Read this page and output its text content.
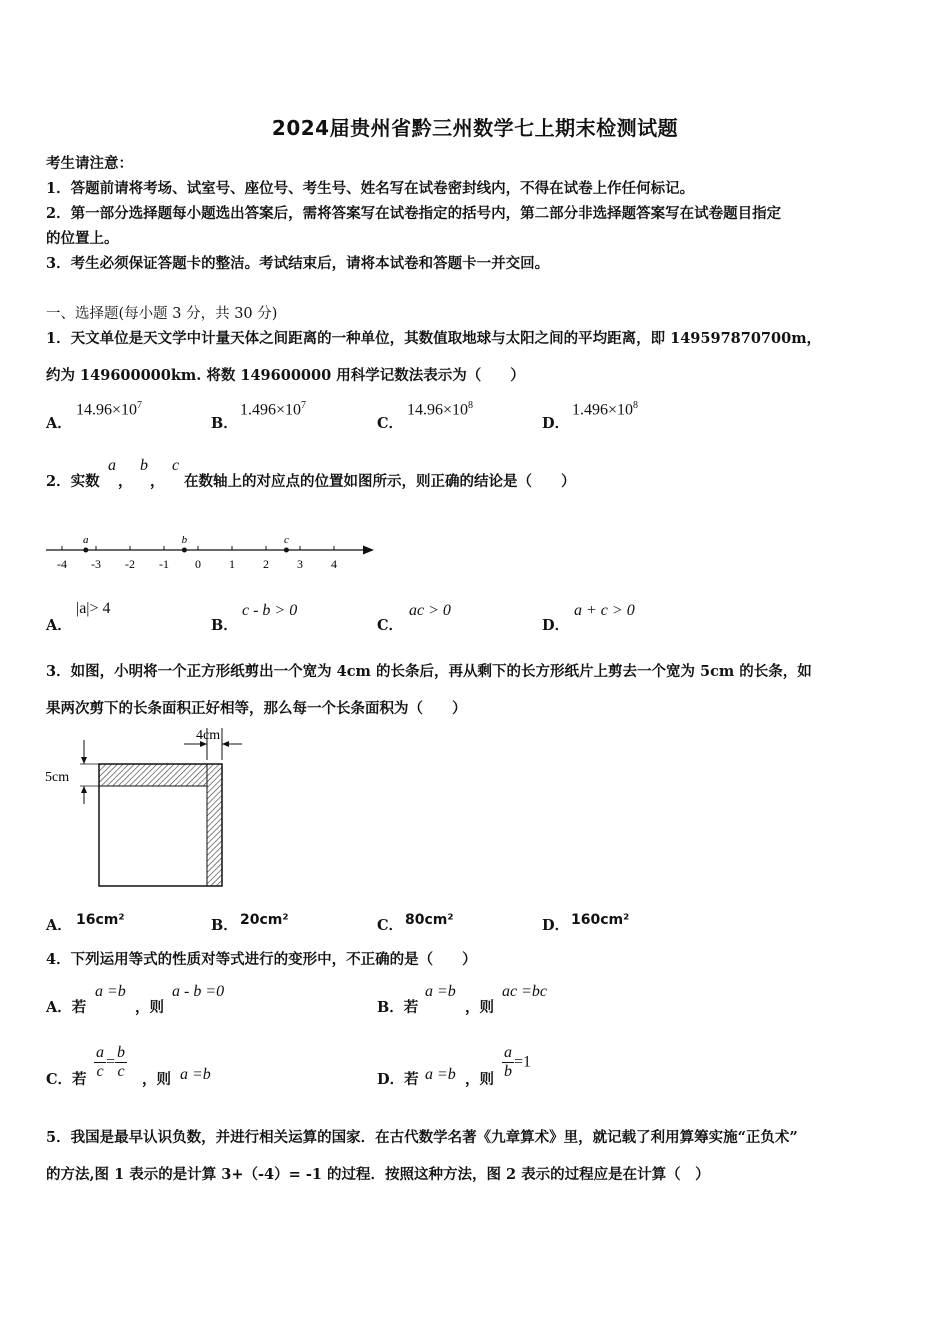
2024届贵州省黔三州数学七上期末检测试题
考生请注意：
1．答题前请将考场、试室号、座位号、考生号、姓名写在试卷密封线内，不得在试卷上作任何标记。
2．第一部分选择题每小题选出答案后，需将答案写在试卷指定的括号内，第二部分非选择题答案写在试卷题目指定
的位置上。
3．考生必须保证答题卡的整洁。考试结束后，请将本试卷和答题卡一并交回。
一、选择题(每小题 3 分，共 30 分)
1．天文单位是天文学中计量天体之间距离的一种单位，其数值取地球与太阳之间的平均距离，即 149597870700m，
约为 149600000km. 将数 149600000 用科学记数法表示为（　　）
A．
$14.96\times 10^7$
B．
$1.496\times 10^7$
C．
$14.96\times 10^8$
D．
$1.496\times 10^8$
2．实数
a
，
b
，
c
在数轴上的对应点的位置如图所示，则正确的结论是（　　）
-4 -3 -2 -1 0 1 2 3 4
a	b	c
A．
|a|> 4
B．
c - b > 0
C．
ac > 0
D．
a + c > 0
3．如图，小明将一个正方形纸剪出一个宽为 4cm 的长条后，再从剩下的长方形纸片上剪去一个宽为 5cm 的长条，如
果两次剪下的长条面积正好相等，那么每一个长条面积为（　　）
4cm
5cm
A． 16cm²	B． 20cm²	C． 80cm²	D． 160cm²
4．下列运用等式的性质对等式进行的变形中，不正确的是（　　）
A．若
a =b
，则
a - b =0
B．若
a =b
，则
ac =bc
C．若 $\frac{a}{c} = \frac{b}{c}$ ，则 a =b	D．若 a =b ，则 $\frac{a}{b} =1$
5．我国是最早认识负数，并进行相关运算的国家．在古代数学名著《九章算术》里，就记载了利用算筹实施“正负术”
的方法,图 1 表示的是计算 3+（-4）= -1 的过程．按照这种方法，图 2 表示的过程应是在计算（　）
